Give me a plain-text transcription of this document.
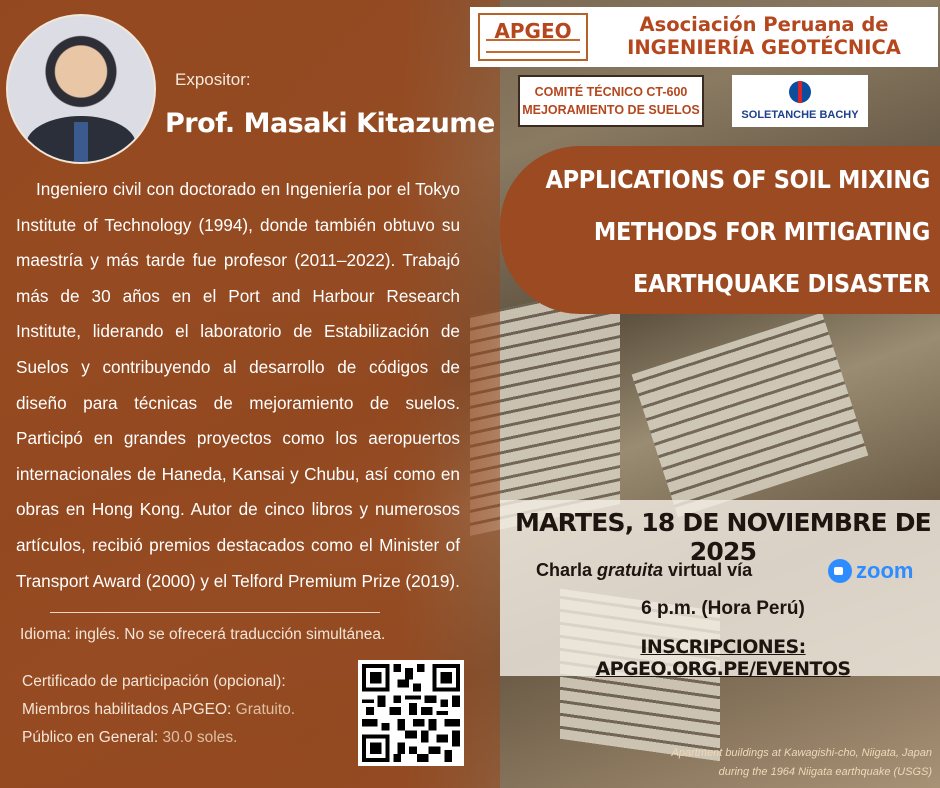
Expositor:
Prof. Masaki Kitazume
Ingeniero civil con doctorado en Ingeniería por el Tokyo Institute of Technology (1994), donde también obtuvo su maestría y más tarde fue profesor (2011–2022). Trabajó más de 30 años en el Port and Harbour Research Institute, liderando el laboratorio de Estabilización de Suelos y contribuyendo al desarrollo de códigos de diseño para técnicas de mejoramiento de suelos. Participó en grandes proyectos como los aeropuertos internacionales de Haneda, Kansai y Chubu, así como en obras en Hong Kong. Autor de cinco libros y numerosos artículos, recibió premios destacados como el Minister of Transport Award (2000) y el Telford Premium Prize (2019).
Idioma: inglés. No se ofrecerá traducción simultánea.
Certificado de participación (opcional):
Miembros habilitados APGEO: Gratuito.
Público en General: 30.0 soles.
APGEO	Asociación Peruana de
INGENIERÍA GEOTÉCNICA
COMITÉ TÉCNICO CT-600
MEJORAMIENTO DE SUELOS	SOLETANCHE BACHY
APPLICATIONS OF SOIL MIXING
METHODS FOR MITIGATING
EARTHQUAKE DISASTER
MARTES, 18 DE NOVIEMBRE DE 2025
Charla gratuita virtual vía	zoom
6 p.m. (Hora Perú)
INSCRIPCIONES: APGEO.ORG.PE/EVENTOS
Apartment buildings at Kawagishi-cho, Niigata, Japan
during the 1964 Niigata earthquake (USGS)
